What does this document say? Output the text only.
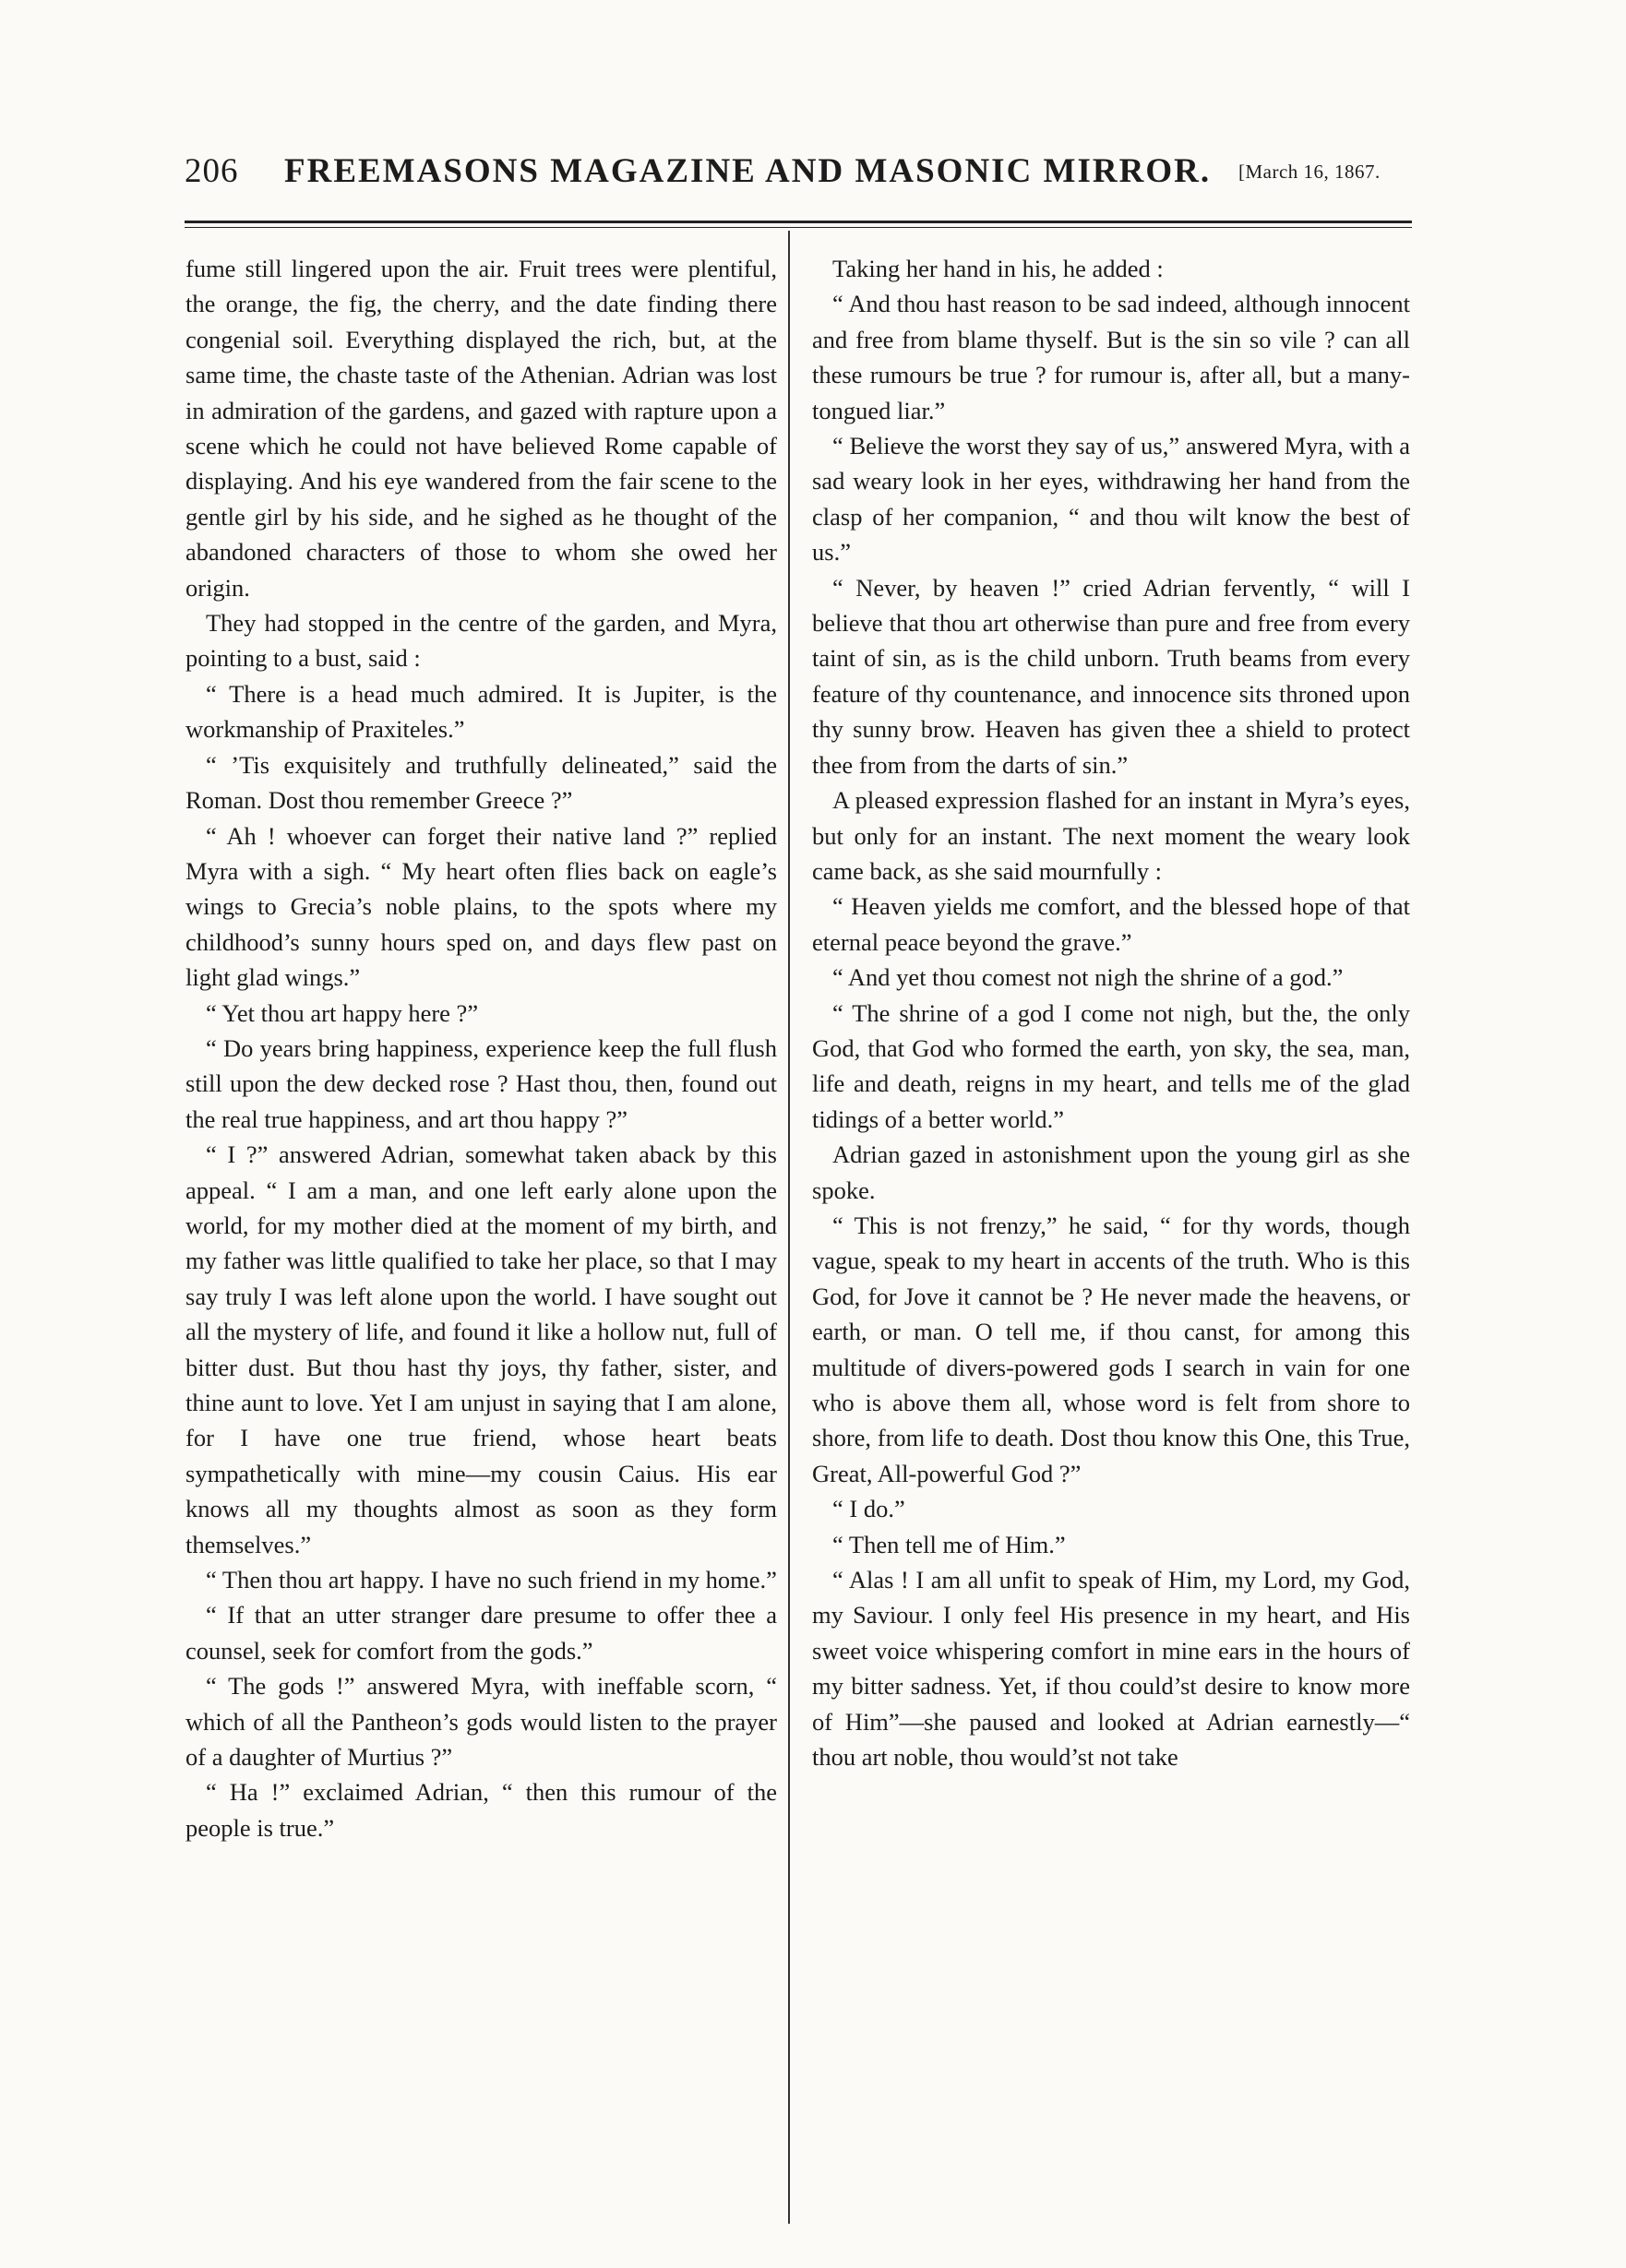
206 FREEMASONS MAGAZINE AND MASONIC MIRROR. [March 16, 1867.

fume still lingered upon the air. Fruit trees were plentiful, the orange, the fig, the cherry, and the date finding there congenial soil. Everything displayed the rich, but, at the same time, the chaste taste of the Athenian. Adrian was lost in admiration of the gardens, and gazed with rapture upon a scene which he could not have believed Rome capable of displaying. And his eye wandered from the fair scene to the gentle girl by his side, and he sighed as he thought of the abandoned characters of those to whom she owed her origin.

They had stopped in the centre of the garden, and Myra, pointing to a bust, said :

“ There is a head much admired. It is Jupiter, is the workmanship of Praxiteles.”

“ ’Tis exquisitely and truthfully delineated,” said the Roman. Dost thou remember Greece ?”

“ Ah ! whoever can forget their native land ?” replied Myra with a sigh. “ My heart often flies back on eagle’s wings to Grecia’s noble plains, to the spots where my childhood’s sunny hours sped on, and days flew past on light glad wings.”

“ Yet thou art happy here ?”

“ Do years bring happiness, experience keep the full flush still upon the dew decked rose ? Hast thou, then, found out the real true happiness, and art thou happy ?”

“ I ?” answered Adrian, somewhat taken aback by this appeal. “ I am a man, and one left early alone upon the world, for my mother died at the moment of my birth, and my father was little qualified to take her place, so that I may say truly I was left alone upon the world. I have sought out all the mystery of life, and found it like a hollow nut, full of bitter dust. But thou hast thy joys, thy father, sister, and thine aunt to love. Yet I am unjust in saying that I am alone, for I have one true friend, whose heart beats sympathetically with mine—my cousin Caius. His ear knows all my thoughts almost as soon as they form themselves.”

“ Then thou art happy. I have no such friend in my home.”

“ If that an utter stranger dare presume to offer thee a counsel, seek for comfort from the gods.”

“ The gods !” answered Myra, with ineffable scorn, “ which of all the Pantheon’s gods would listen to the prayer of a daughter of Murtius ?”

“ Ha !” exclaimed Adrian, “ then this rumour of the people is true.”

Taking her hand in his, he added :

“ And thou hast reason to be sad indeed, although innocent and free from blame thyself. But is the sin so vile ? can all these rumours be true ? for rumour is, after all, but a many-tongued liar.”

“ Believe the worst they say of us,” answered Myra, with a sad weary look in her eyes, withdrawing her hand from the clasp of her companion, “ and thou wilt know the best of us.”

“ Never, by heaven !” cried Adrian fervently, “ will I believe that thou art otherwise than pure and free from every taint of sin, as is the child unborn. Truth beams from every feature of thy countenance, and innocence sits throned upon thy sunny brow. Heaven has given thee a shield to protect thee from from the darts of sin.”

A pleased expression flashed for an instant in Myra’s eyes, but only for an instant. The next moment the weary look came back, as she said mournfully :

“ Heaven yields me comfort, and the blessed hope of that eternal peace beyond the grave.”

“ And yet thou comest not nigh the shrine of a god.”

“ The shrine of a god I come not nigh, but the, the only God, that God who formed the earth, yon sky, the sea, man, life and death, reigns in my heart, and tells me of the glad tidings of a better world.”

Adrian gazed in astonishment upon the young girl as she spoke.

“ This is not frenzy,” he said, “ for thy words, though vague, speak to my heart in accents of the truth. Who is this God, for Jove it cannot be ? He never made the heavens, or earth, or man. O tell me, if thou canst, for among this multitude of divers-powered gods I search in vain for one who is above them all, whose word is felt from shore to shore, from life to death. Dost thou know this One, this True, Great, All-powerful God ?”

“ I do.”

“ Then tell me of Him.”

“ Alas ! I am all unfit to speak of Him, my Lord, my God, my Saviour. I only feel His presence in my heart, and His sweet voice whispering comfort in mine ears in the hours of my bitter sadness. Yet, if thou could’st desire to know more of Him”—she paused and looked at Adrian earnestly—“ thou art noble, thou would’st not take
